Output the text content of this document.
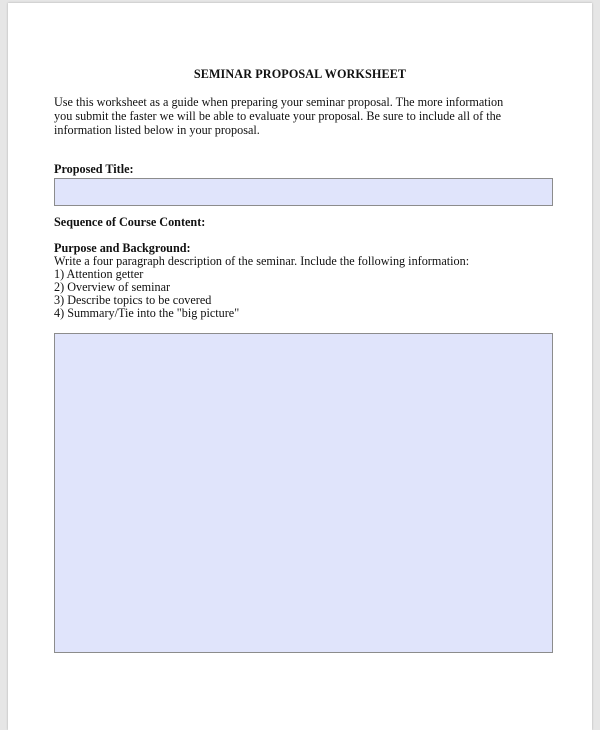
SEMINAR PROPOSAL WORKSHEET
Use this worksheet as a guide when preparing your seminar proposal. The more information
you submit the faster we will be able to evaluate your proposal. Be sure to include all of the
information listed below in your proposal.
Proposed Title:
Sequence of Course Content:
Purpose and Background:
Write a four paragraph description of the seminar. Include the following information:
1) Attention getter
2) Overview of seminar
3) Describe topics to be covered
4) Summary/Tie into the "big picture"
